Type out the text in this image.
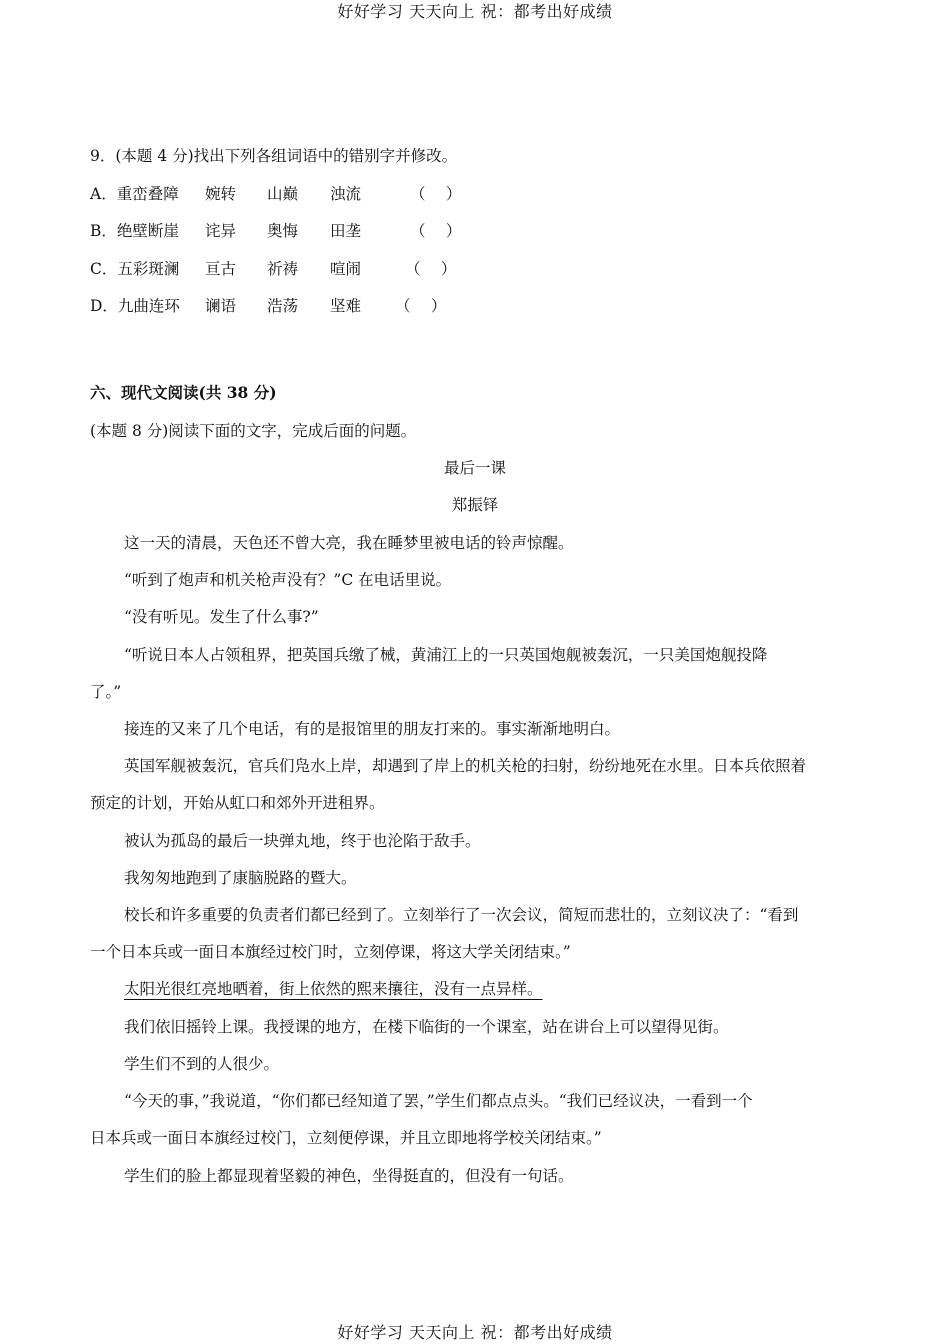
好好学习 天天向上 祝：都考出好成绩
9．(本题 4 分)找出下列各组词语中的错别字并修改。
A．重峦叠障 婉转 山巅 浊流	（　 ）
B．绝壁断崖 诧异 奥悔 田垄	（　 ）
C．五彩斑澜 亘古 祈祷 喧闹	（　 ）
D．九曲连环 谰语 浩荡 坚难 （　 ）
六、现代文阅读(共 38 分)
(本题 8 分)阅读下面的文字，完成后面的问题。
最后一课
郑振铎
这一天的清晨，天色还不曾大亮，我在睡梦里被电话的铃声惊醒。
“听到了炮声和机关枪声没有？”C 在电话里说。
“没有听见。发生了什么事?”
“听说日本人占领租界，把英国兵缴了械，黄浦江上的一只英国炮舰被轰沉，一只美国炮舰投降
了。”
接连的又来了几个电话，有的是报馆里的朋友打来的。事实渐渐地明白。
英国军舰被轰沉，官兵们凫水上岸，却遇到了岸上的机关枪的扫射，纷纷地死在水里。日本兵依照着
预定的计划，开始从虹口和郊外开进租界。
被认为孤岛的最后一块弹丸地，终于也沦陷于敌手。
我匆匆地跑到了康脑脱路的暨大。
校长和许多重要的负责者们都已经到了。立刻举行了一次会议，简短而悲壮的，立刻议决了：“看到
一个日本兵或一面日本旗经过校门时，立刻停课，将这大学关闭结束。”
太阳光很红亮地晒着，街上依然的熙来攘往，没有一点异样。
我们依旧摇铃上课。我授课的地方，在楼下临街的一个课室，站在讲台上可以望得见街。
学生们不到的人很少。
“今天的事，”我说道，“你们都已经知道了罢，”学生们都点点头。“我们已经议决，一看到一个
日本兵或一面日本旗经过校门，立刻便停课，并且立即地将学校关闭结束。”
学生们的脸上都显现着坚毅的神色，坐得挺直的，但没有一句话。
好好学习 天天向上 祝：都考出好成绩
